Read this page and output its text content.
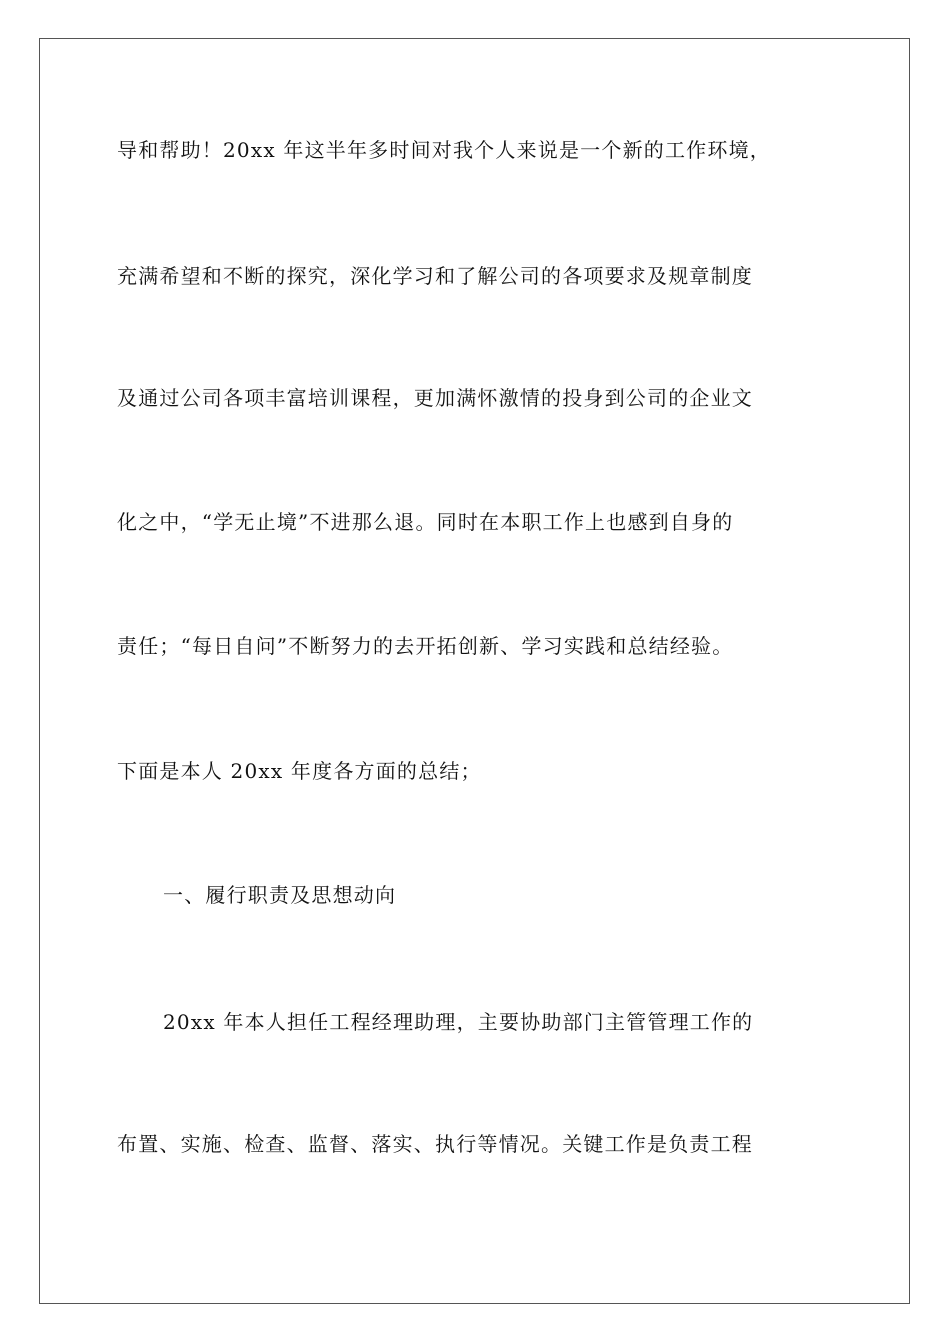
导和帮助！20xx 年这半年多时间对我个人来说是一个新的工作环境，
充满希望和不断的探究，深化学习和了解公司的各项要求及规章制度
及通过公司各项丰富培训课程，更加满怀激情的投身到公司的企业文
化之中，“学无止境”不进那么退。同时在本职工作上也感到自身的
责任；“每日自问”不断努力的去开拓创新、学习实践和总结经验。
下面是本人 20xx 年度各方面的总结；
一、履行职责及思想动向
20xx 年本人担任工程经理助理，主要协助部门主管管理工作的
布置、实施、检查、监督、落实、执行等情况。关键工作是负责工程
